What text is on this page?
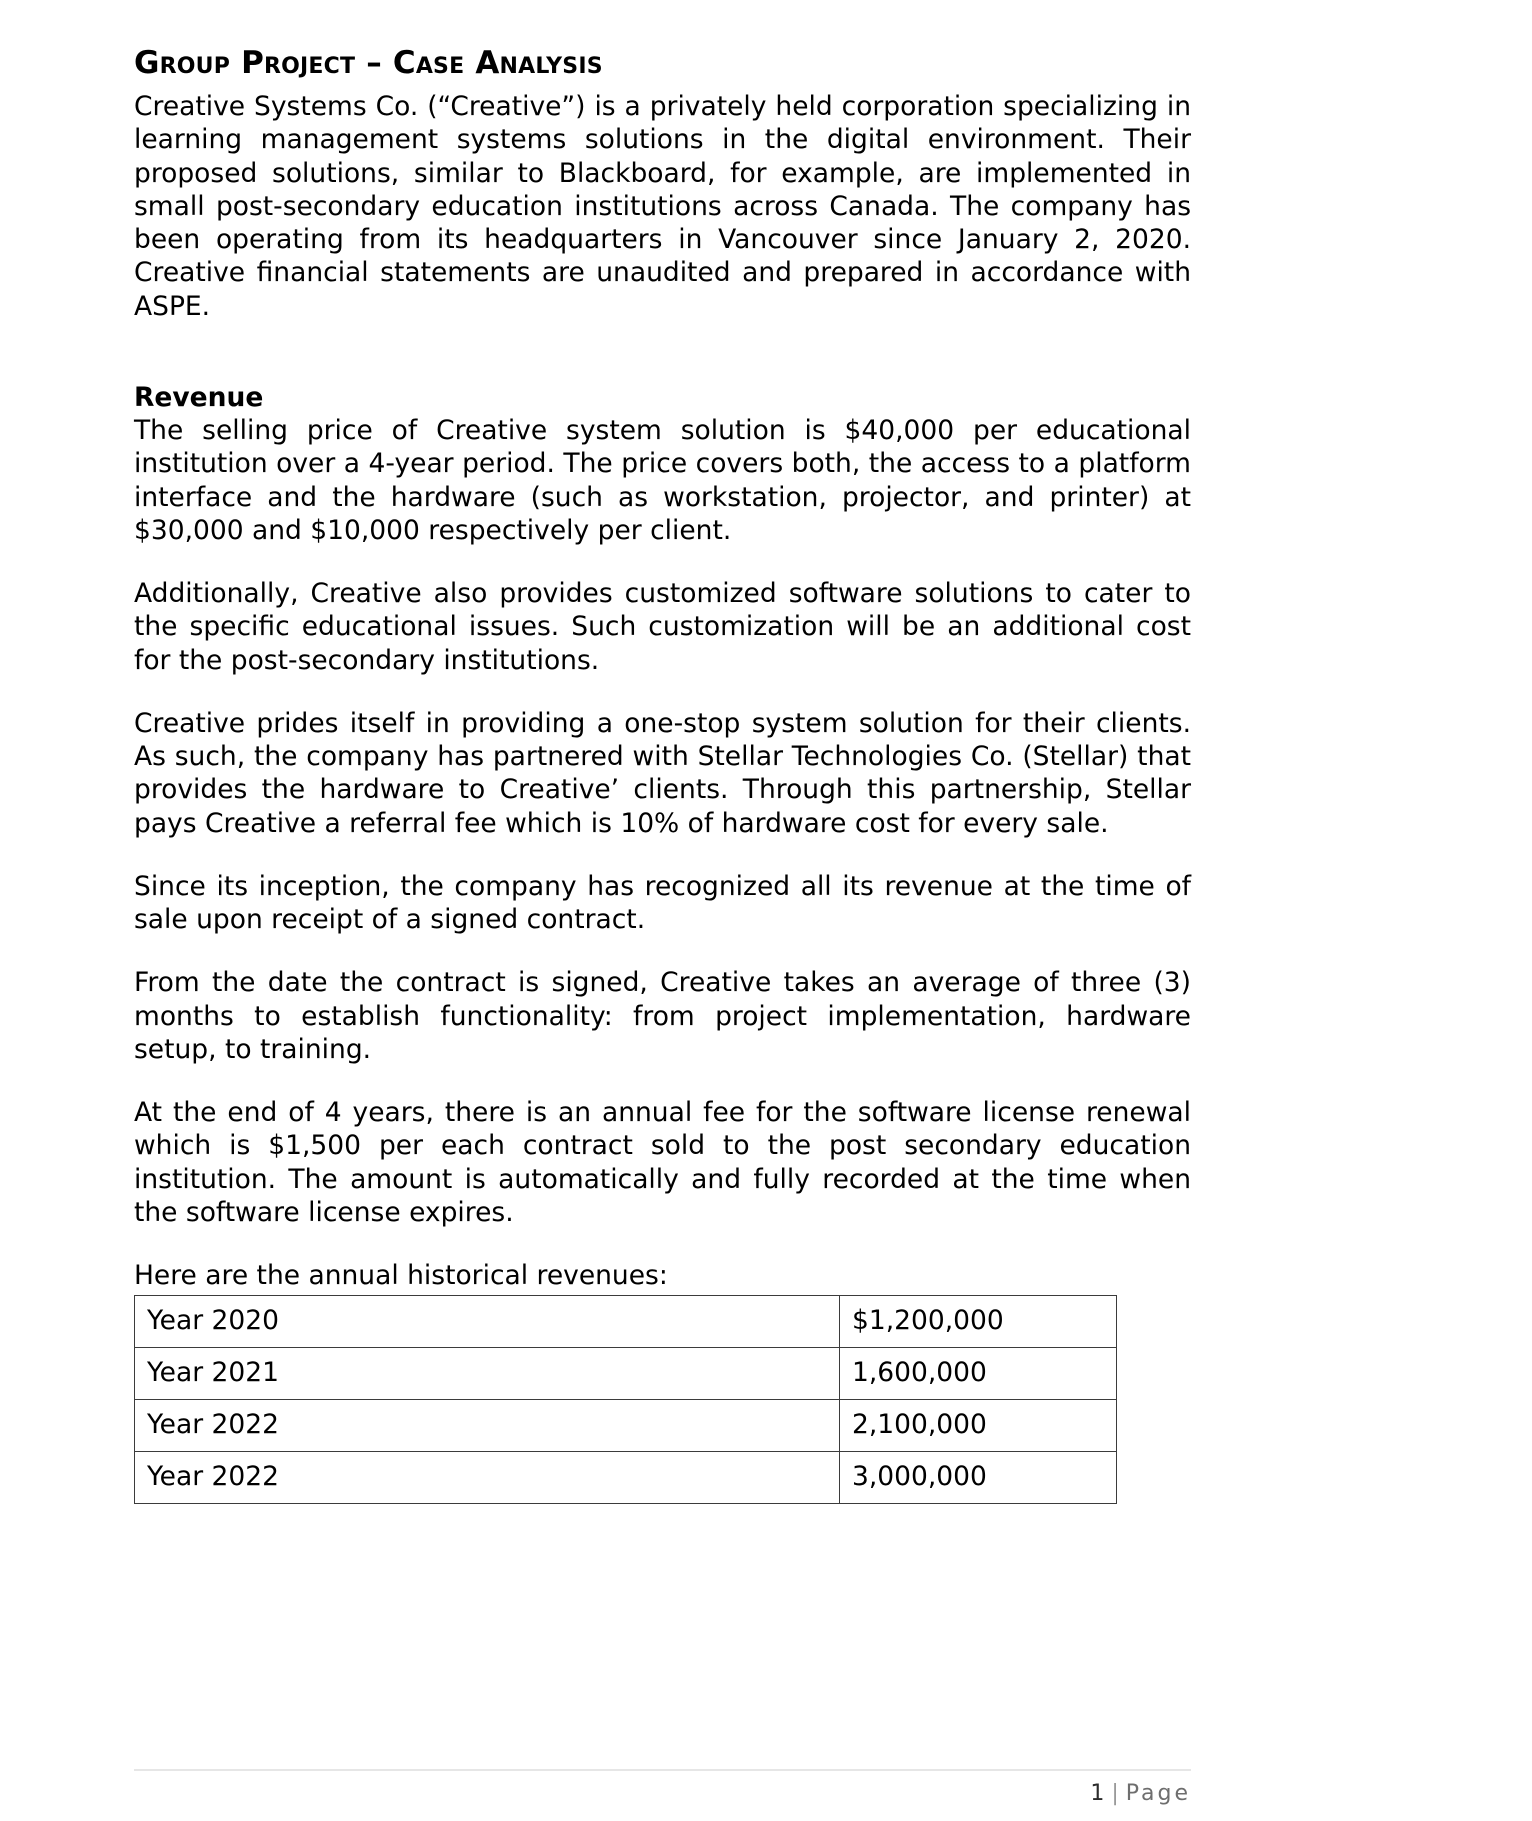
Group Project – Case Analysis

Creative Systems Co. (“Creative”) is a privately held corporation specializing in learning management systems solutions in the digital environment. Their proposed solutions, similar to Blackboard, for example, are implemented in small post-secondary education institutions across Canada. The company has been operating from its headquarters in Vancouver since January 2, 2020. Creative financial statements are unaudited and prepared in accordance with ASPE.

Revenue

The selling price of Creative system solution is $40,000 per educational institution over a 4-year period. The price covers both, the access to a platform interface and the hardware (such as workstation, projector, and printer) at $30,000 and $10,000 respectively per client.

Additionally, Creative also provides customized software solutions to cater to the specific educational issues. Such customization will be an additional cost for the post-secondary institutions.

Creative prides itself in providing a one-stop system solution for their clients. As such, the company has partnered with Stellar Technologies Co. (Stellar) that provides the hardware to Creative’ clients. Through this partnership, Stellar pays Creative a referral fee which is 10% of hardware cost for every sale.

Since its inception, the company has recognized all its revenue at the time of sale upon receipt of a signed contract.

From the date the contract is signed, Creative takes an average of three (3) months to establish functionality: from project implementation, hardware setup, to training.

At the end of 4 years, there is an annual fee for the software license renewal which is $1,500 per each contract sold to the post secondary education institution. The amount is automatically and fully recorded at the time when the software license expires.

Here are the annual historical revenues:

Year 2020	$1,200,000
Year 2021	1,600,000
Year 2022	2,100,000
Year 2022	3,000,000
1 | Page
